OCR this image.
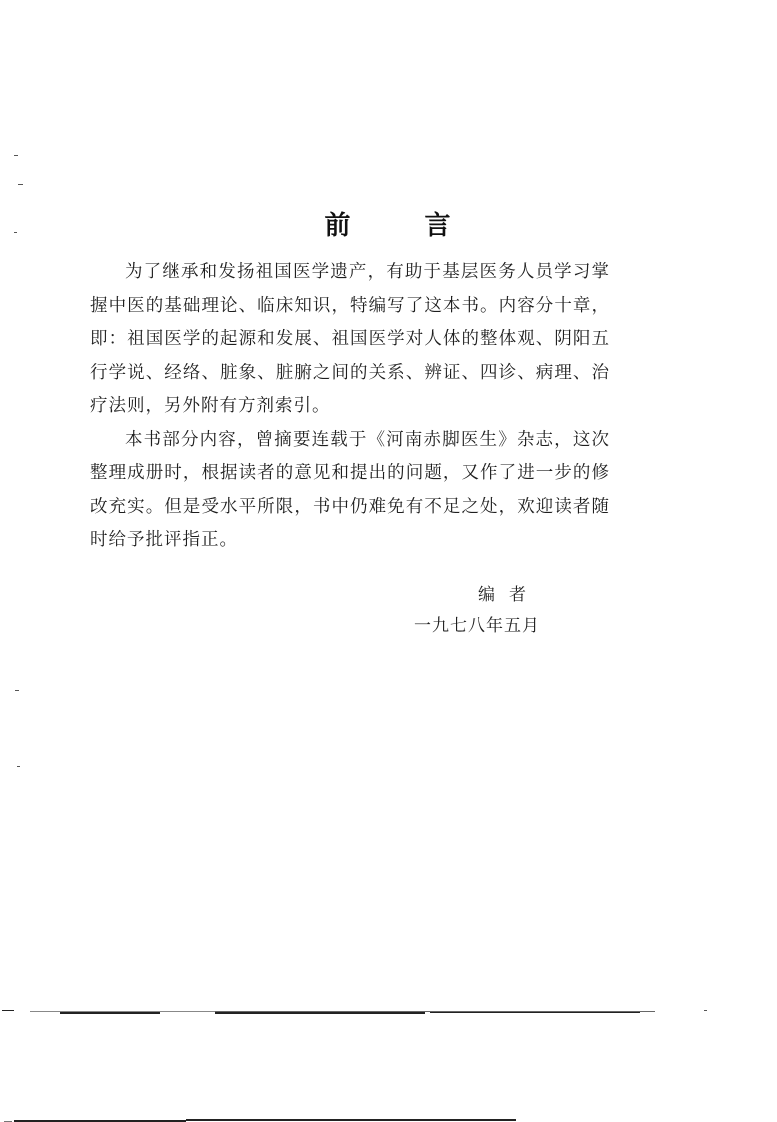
前	言

为了继承和发扬祖国医学遗产，有助于基层医务人员学习掌握中医的基础理论、临床知识，特编写了这本书。内容分十章，即：祖国医学的起源和发展、祖国医学对人体的整体观、阴阳五行学说、经络、脏象、脏腑之间的关系、辨证、四诊、病理、治疗法则，另外附有方剂索引。

本书部分内容，曾摘要连载于《河南赤脚医生》杂志，这次整理成册时，根据读者的意见和提出的问题，又作了进一步的修改充实。但是受水平所限，书中仍难免有不足之处，欢迎读者随时给予批评指正。

编者
一九七八年五月
